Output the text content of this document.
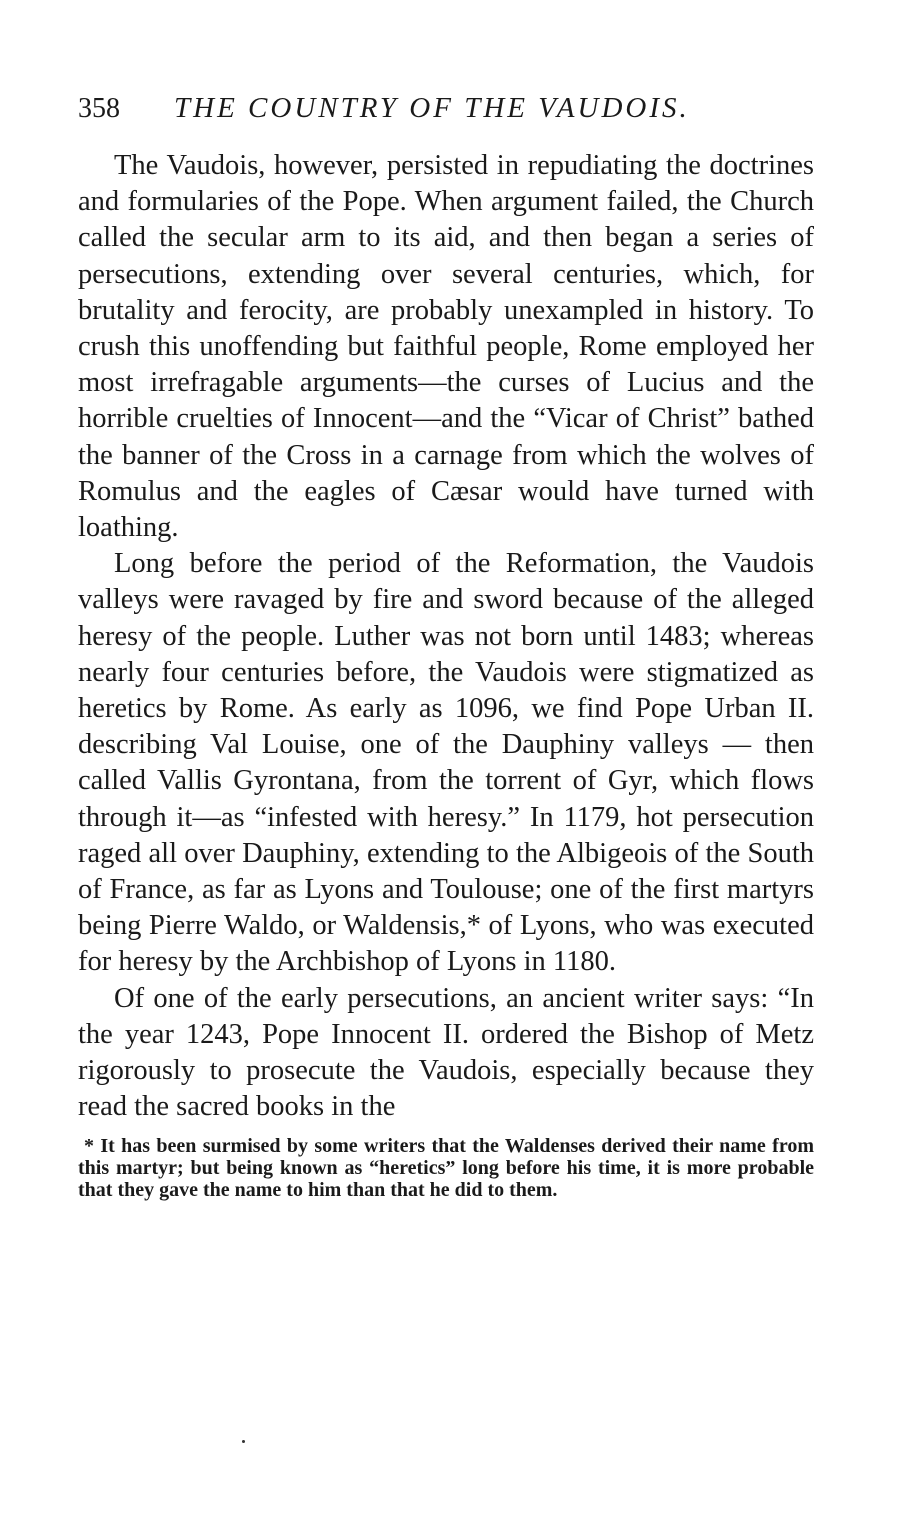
358	THE COUNTRY OF THE VAUDOIS.

The Vaudois, however, persisted in repudiating the doctrines and formularies of the Pope. When argument failed, the Church called the secular arm to its aid, and then began a series of persecutions, extending over several centuries, which, for brutality and ferocity, are probably unexampled in history. To crush this unoffending but faithful people, Rome employed her most irrefragable arguments—the curses of Lucius and the horrible cruelties of Innocent—and the “Vicar of Christ” bathed the banner of the Cross in a carnage from which the wolves of Romulus and the eagles of Cæsar would have turned with loathing.

Long before the period of the Reformation, the Vaudois valleys were ravaged by fire and sword because of the alleged heresy of the people. Luther was not born until 1483; whereas nearly four centuries before, the Vaudois were stigmatized as heretics by Rome. As early as 1096, we find Pope Urban II. describing Val Louise, one of the Dauphiny valleys — then called Vallis Gyrontana, from the torrent of Gyr, which flows through it—as “infested with heresy.” In 1179, hot persecution raged all over Dauphiny, extending to the Albigeois of the South of France, as far as Lyons and Toulouse; one of the first martyrs being Pierre Waldo, or Waldensis,* of Lyons, who was executed for heresy by the Archbishop of Lyons in 1180.

Of one of the early persecutions, an ancient writer says: “In the year 1243, Pope Innocent II. ordered the Bishop of Metz rigorously to prosecute the Vaudois, especially because they read the sacred books in the

* It has been surmised by some writers that the Waldenses derived their name from this martyr; but being known as “heretics” long before his time, it is more probable that they gave the name to him than that he did to them.
